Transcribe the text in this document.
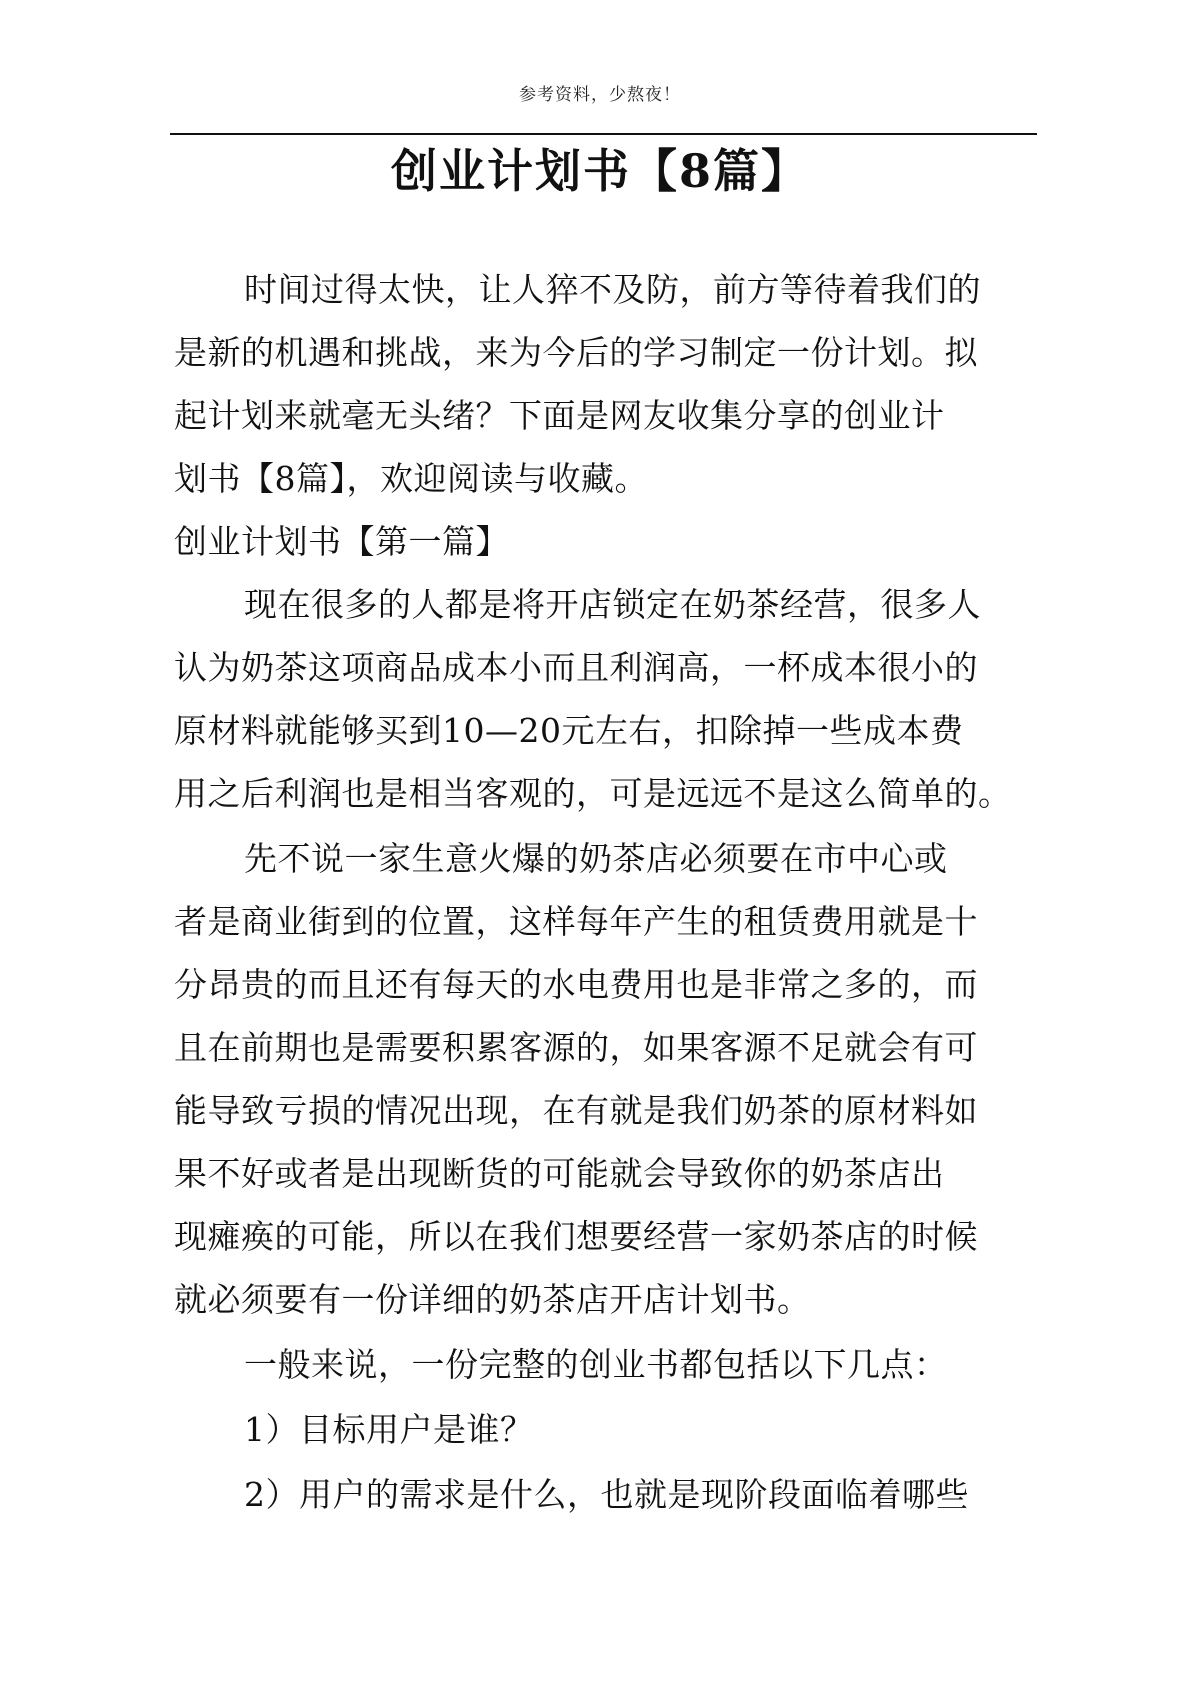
参考资料，少熬夜！
创业计划书【8篇】
时间过得太快，让人猝不及防，前方等待着我们的
是新的机遇和挑战，来为今后的学习制定一份计划。拟
起计划来就毫无头绪？下面是网友收集分享的创业计
划书【8篇】，欢迎阅读与收藏。
创业计划书【第一篇】
现在很多的人都是将开店锁定在奶茶经营，很多人
认为奶茶这项商品成本小而且利润高，一杯成本很小的
原材料就能够买到10—20元左右，扣除掉一些成本费
用之后利润也是相当客观的，可是远远不是这么简单的。
先不说一家生意火爆的奶茶店必须要在市中心或
者是商业街到的位置，这样每年产生的租赁费用就是十
分昂贵的而且还有每天的水电费用也是非常之多的，而
且在前期也是需要积累客源的，如果客源不足就会有可
能导致亏损的情况出现，在有就是我们奶茶的原材料如
果不好或者是出现断货的可能就会导致你的奶茶店出
现瘫痪的可能，所以在我们想要经营一家奶茶店的时候
就必须要有一份详细的奶茶店开店计划书。
一般来说，一份完整的创业书都包括以下几点：
1）目标用户是谁？
2）用户的需求是什么，也就是现阶段面临着哪些
